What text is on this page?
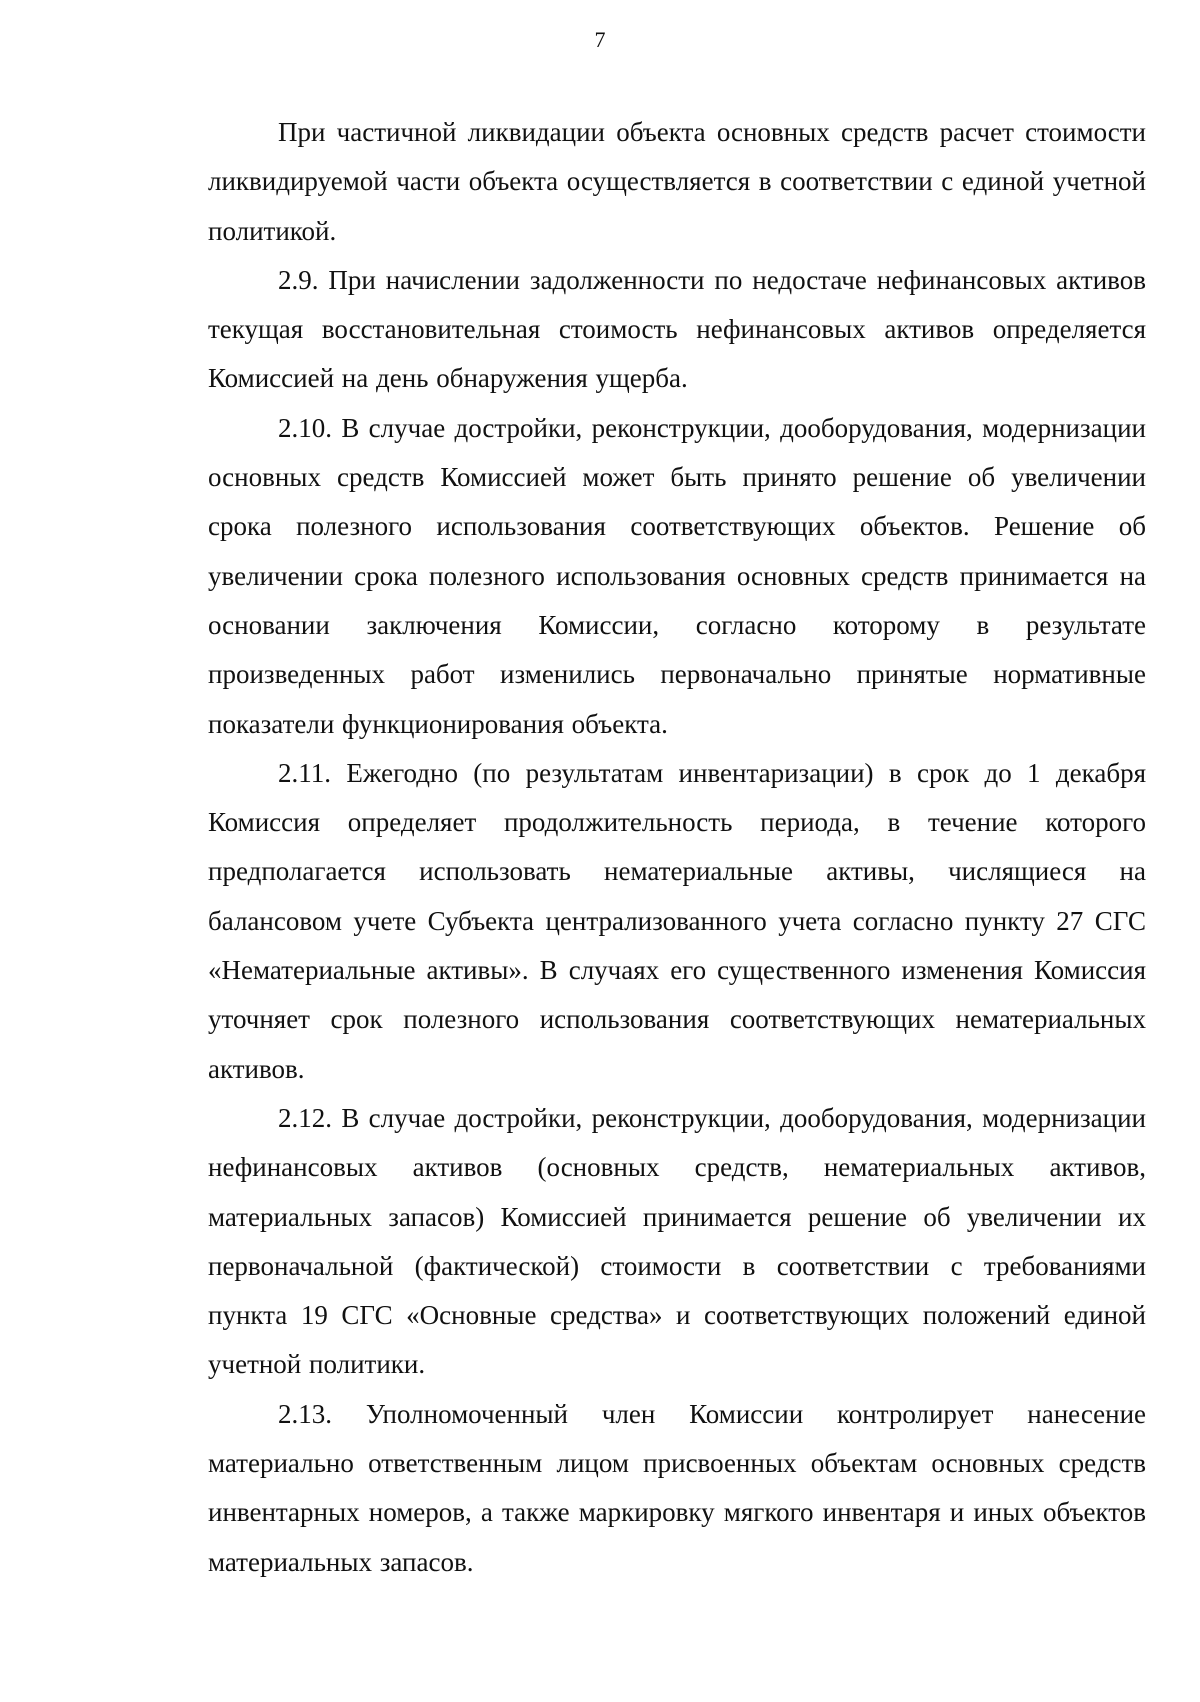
7

При частичной ликвидации объекта основных средств расчет стоимости ликвидируемой части объекта осуществляется в соответствии с единой учетной политикой.

2.9. При начислении задолженности по недостаче нефинансовых активов текущая восстановительная стоимость нефинансовых активов определяется Комиссией на день обнаружения ущерба.

2.10. В случае достройки, реконструкции, дооборудования, модернизации основных средств Комиссией может быть принято решение об увеличении срока полезного использования соответствующих объектов. Решение об увеличении срока полезного использования основных средств принимается на основании заключения Комиссии, согласно которому в результате произведенных работ изменились первоначально принятые нормативные показатели функционирования объекта.

2.11. Ежегодно (по результатам инвентаризации) в срок до 1 декабря Комиссия определяет продолжительность периода, в течение которого предполагается использовать нематериальные активы, числящиеся на балансовом учете Субъекта централизованного учета согласно пункту 27 СГС «Нематериальные активы». В случаях его существенного изменения Комиссия уточняет срок полезного использования соответствующих нематериальных активов.

2.12. В случае достройки, реконструкции, дооборудования, модернизации нефинансовых активов (основных средств, нематериальных активов, материальных запасов) Комиссией принимается решение об увеличении их первоначальной (фактической) стоимости в соответствии с требованиями пункта 19 СГС «Основные средства» и соответствующих положений единой учетной политики.

2.13. Уполномоченный член Комиссии контролирует нанесение материально ответственным лицом присвоенных объектам основных средств инвентарных номеров, а также маркировку мягкого инвентаря и иных объектов материальных запасов.
